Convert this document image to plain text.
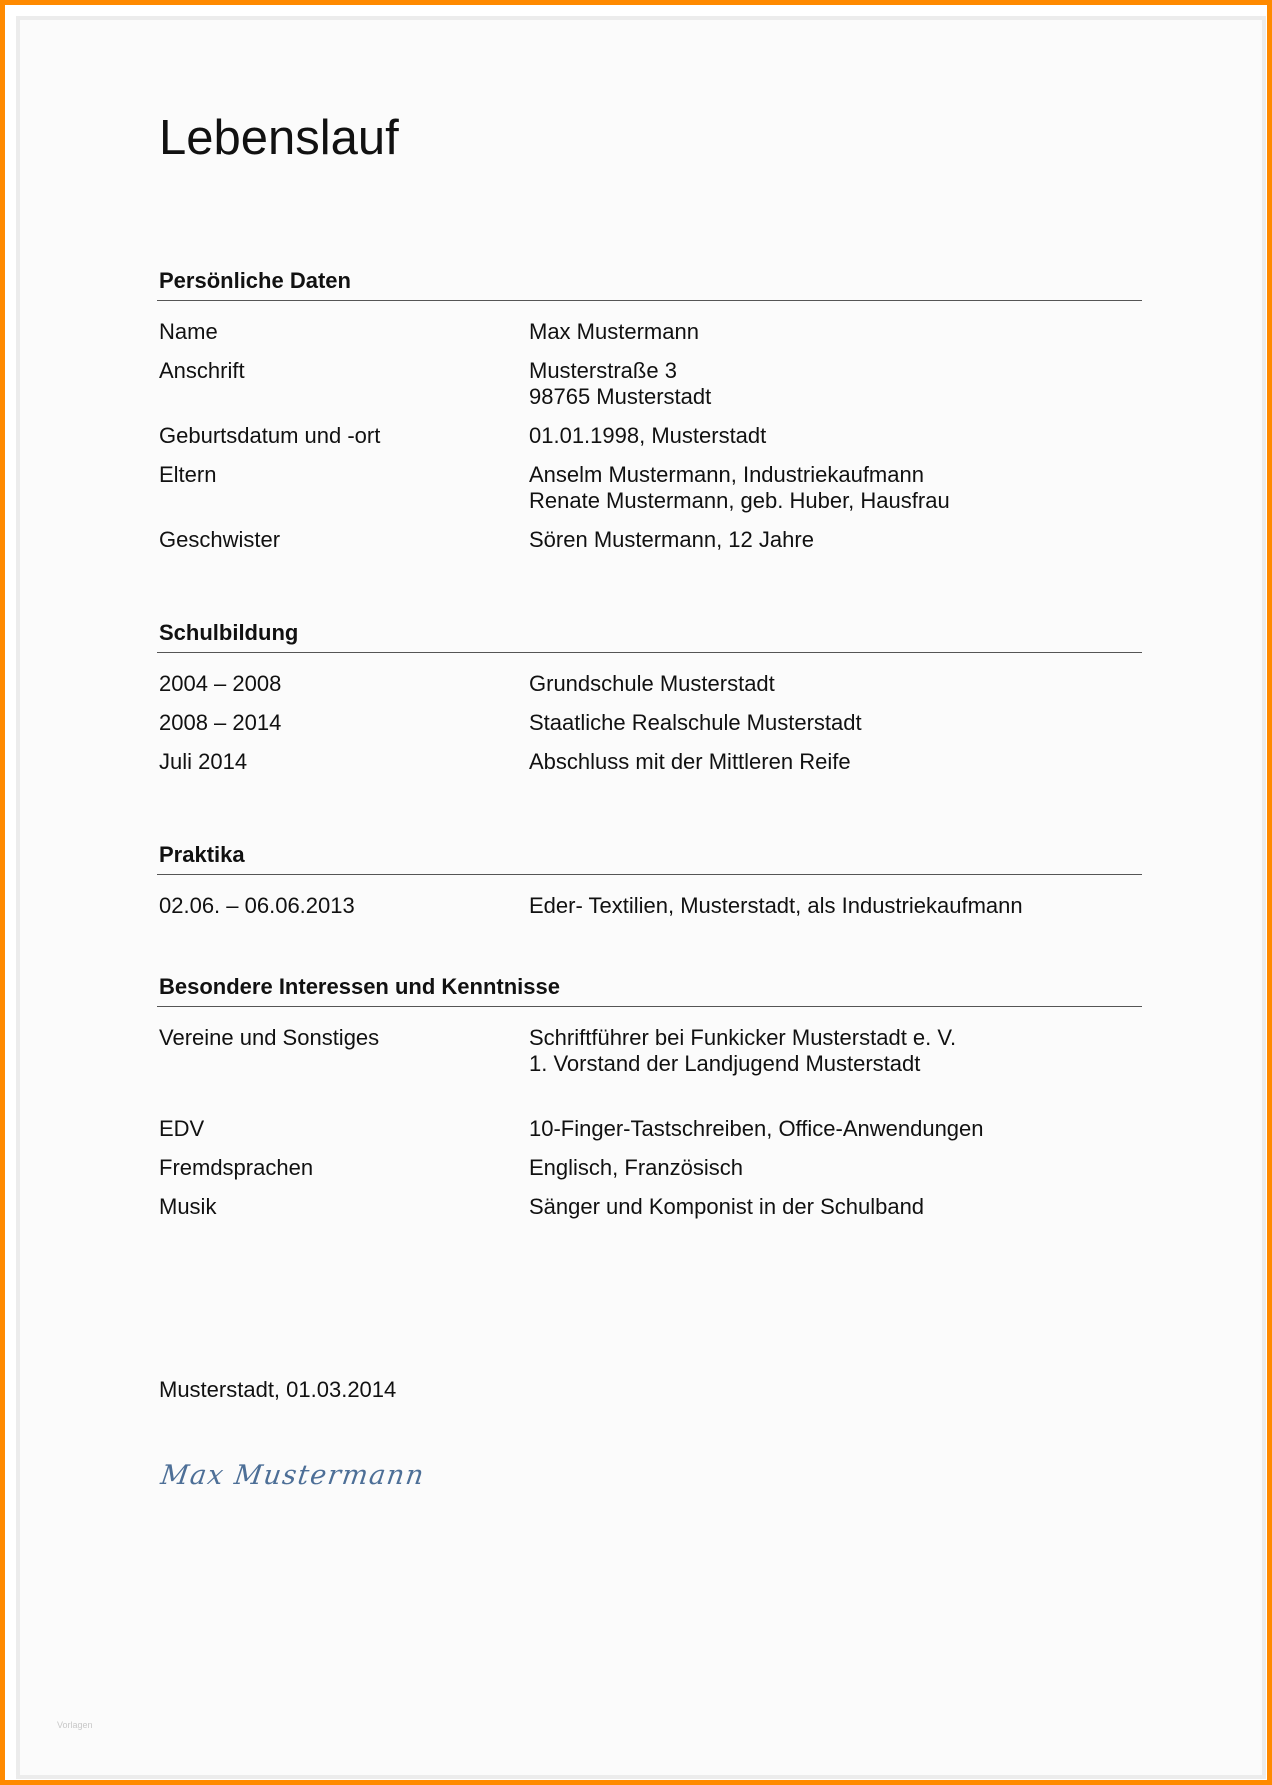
Lebenslauf
Persönliche Daten
Name	Max Mustermann
Anschrift	Musterstraße 3
98765 Musterstadt
Geburtsdatum und -ort	01.01.1998, Musterstadt
Eltern	Anselm Mustermann, Industriekaufmann
Renate Mustermann, geb. Huber, Hausfrau
Geschwister	Sören Mustermann, 12 Jahre
Schulbildung
2004 – 2008	Grundschule Musterstadt
2008 – 2014	Staatliche Realschule Musterstadt
Juli 2014	Abschluss mit der Mittleren Reife
Praktika
02.06. – 06.06.2013	Eder- Textilien, Musterstadt, als Industriekaufmann
Besondere Interessen und Kenntnisse
Vereine und Sonstiges	Schriftführer bei Funkicker Musterstadt e. V.
1. Vorstand der Landjugend Musterstadt
EDV	10-Finger-Tastschreiben, Office-Anwendungen
Fremdsprachen	Englisch, Französisch
Musik	Sänger und Komponist in der Schulband

Musterstadt, 01.03.2014

Max Mustermann
Vorlagen
